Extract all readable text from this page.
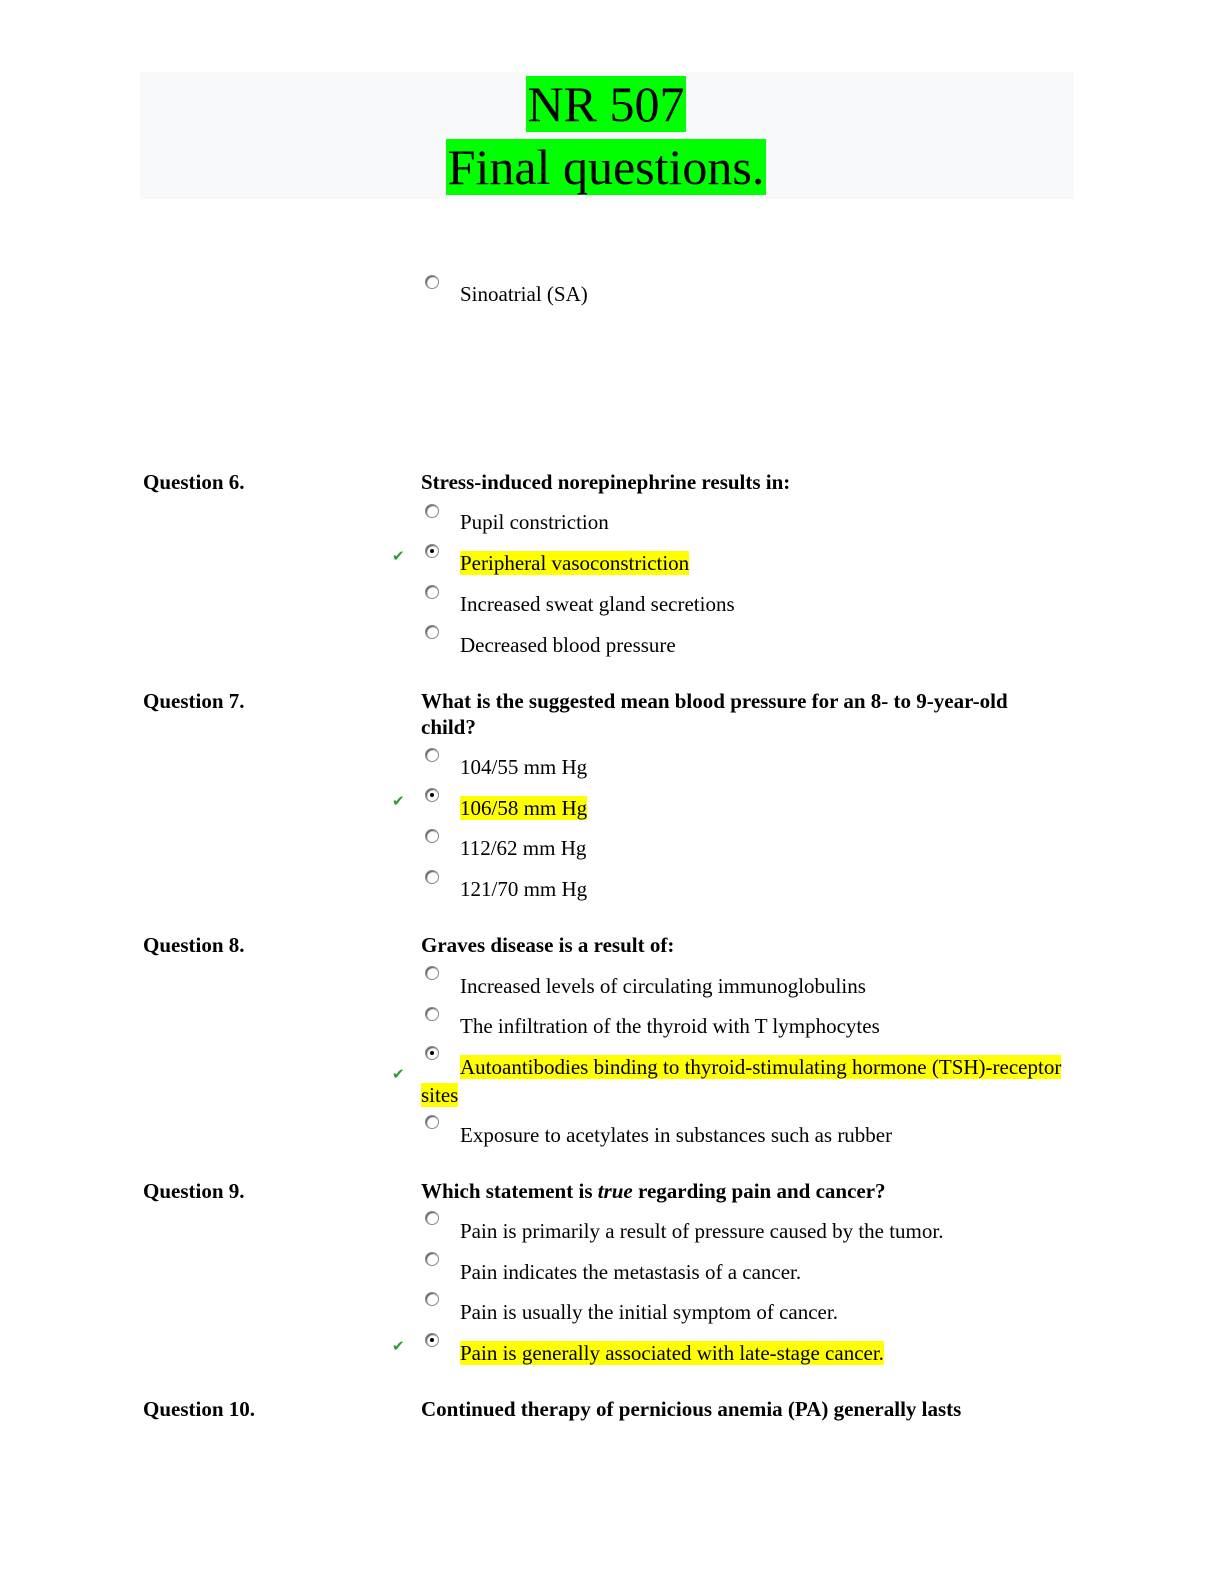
NR 507
Final questions.
Sinoatrial (SA)
Question 6.	Stress-induced norepinephrine results in:
Pupil constriction
✔	Peripheral vasoconstriction
Increased sweat gland secretions
Decreased blood pressure
Question 7.	What is the suggested mean blood pressure for an 8- to 9-year-old child?
104/55 mm Hg
✔	106/58 mm Hg
112/62 mm Hg
121/70 mm Hg
Question 8.	Graves disease is a result of:
Increased levels of circulating immunoglobulins
The infiltration of the thyroid with T lymphocytes
✔	Autoantibodies binding to thyroid-stimulating hormone (TSH)-receptor sites
Exposure to acetylates in substances such as rubber
Question 9.	Which statement is true regarding pain and cancer?
Pain is primarily a result of pressure caused by the tumor.
Pain indicates the metastasis of a cancer.
Pain is usually the initial symptom of cancer.
✔	Pain is generally associated with late-stage cancer.
Question 10.	Continued therapy of pernicious anemia (PA) generally lasts
